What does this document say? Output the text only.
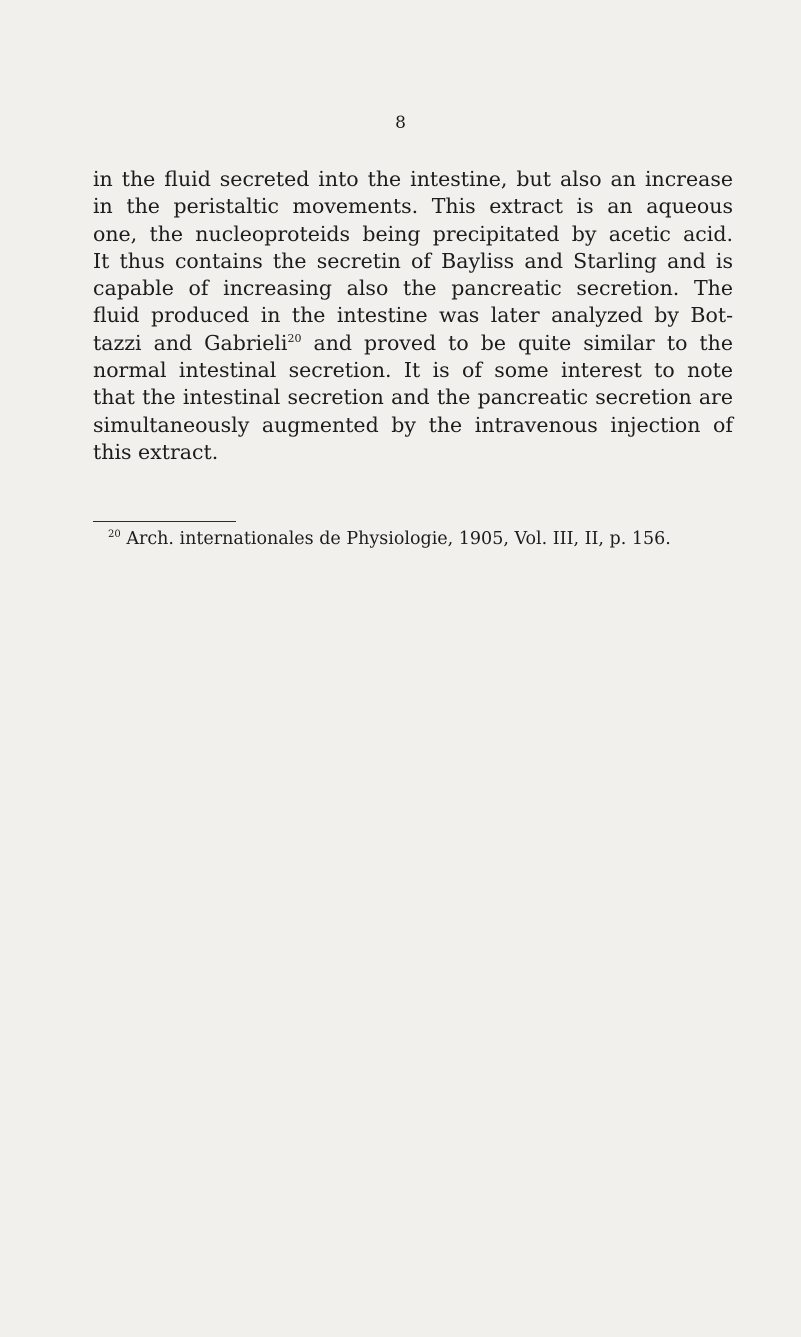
8
in the fluid secreted into the intestine, but also an increase
in the peristaltic movements. This extract is an aqueous
one, the nucleoproteids being precipitated by acetic acid.
It thus contains the secretin of Bayliss and Starling and is
capable of increasing also the pancreatic secretion. The
fluid produced in the intestine was later analyzed by Bot-
tazzi and Gabrieli$^{20}$ and proved to be quite similar to the
normal intestinal secretion. It is of some interest to note
that the intestinal secretion and the pancreatic secretion are
simultaneously augmented by the intravenous injection of
this extract.
$^{20}$ Arch. internationales de Physiologie, 1905, Vol. III, II, p. 156.
